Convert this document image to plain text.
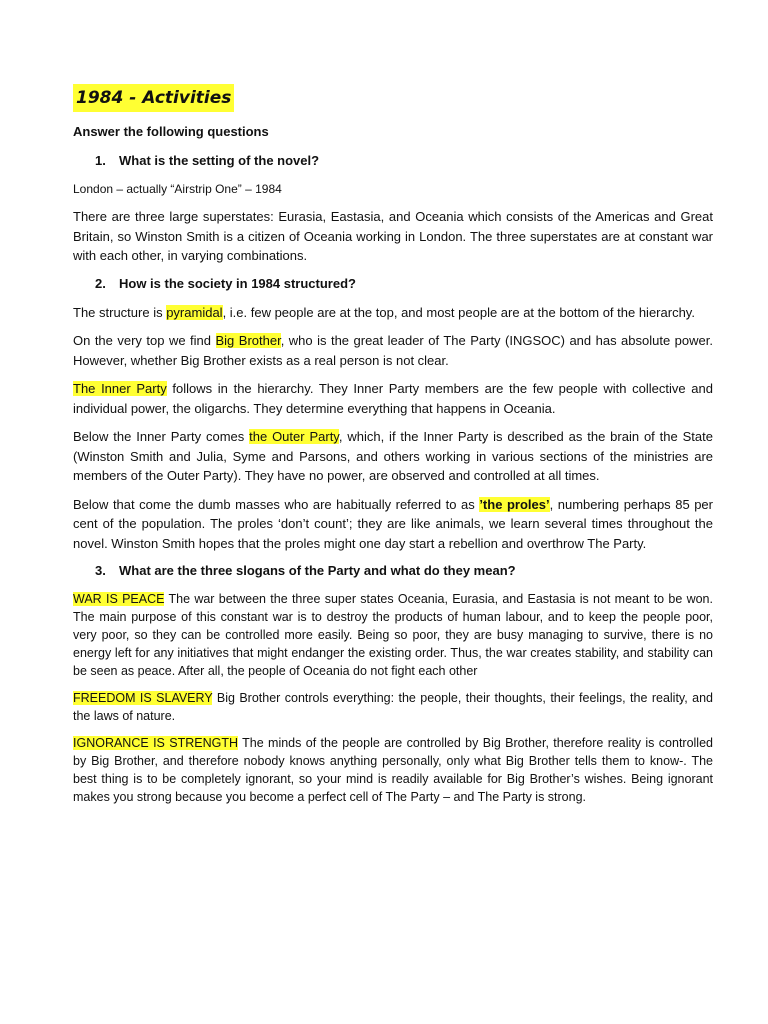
1984 - Activities
Answer the following questions
1. What is the setting of the novel?
London – actually “Airstrip One” – 1984

There are three large superstates: Eurasia, Eastasia, and Oceania which consists of the Americas and Great Britain, so Winston Smith is a citizen of Oceania working in London. The three superstates are at constant war with each other, in varying combinations.

2. How is the society in 1984 structured?

The structure is pyramidal, i.e. few people are at the top, and most people are at the bottom of the hierarchy.

On the very top we find Big Brother, who is the great leader of The Party (INGSOC) and has absolute power. However, whether Big Brother exists as a real person is not clear.

The Inner Party follows in the hierarchy. They Inner Party members are the few people with collective and individual power, the oligarchs. They determine everything that happens in Oceania.

Below the Inner Party comes the Outer Party, which, if the Inner Party is described as the brain of the State (Winston Smith and Julia, Syme and Parsons, and others working in various sections of the ministries are members of the Outer Party). They have no power, are observed and controlled at all times.

Below that come the dumb masses who are habitually referred to as ’the proles’, numbering perhaps 85 per cent of the population. The proles ‘don’t count’; they are like animals, we learn several times throughout the novel. Winston Smith hopes that the proles might one day start a rebellion and overthrow The Party.

3. What are the three slogans of the Party and what do they mean?

WAR IS PEACE The war between the three super states Oceania, Eurasia, and Eastasia is not meant to be won. The main purpose of this constant war is to destroy the products of human labour, and to keep the people poor, very poor, so they can be controlled more easily. Being so poor, they are busy managing to survive, there is no energy left for any initiatives that might endanger the existing order. Thus, the war creates stability, and stability can be seen as peace. After all, the people of Oceania do not fight each other

FREEDOM IS SLAVERY Big Brother controls everything: the people, their thoughts, their feelings, the reality, and the laws of nature.

IGNORANCE IS STRENGTH The minds of the people are controlled by Big Brother, therefore reality is controlled by Big Brother, and therefore nobody knows anything personally, only what Big Brother tells them to know-. The best thing is to be completely ignorant, so your mind is readily available for Big Brother’s wishes. Being ignorant makes you strong because you become a perfect cell of The Party – and The Party is strong.
